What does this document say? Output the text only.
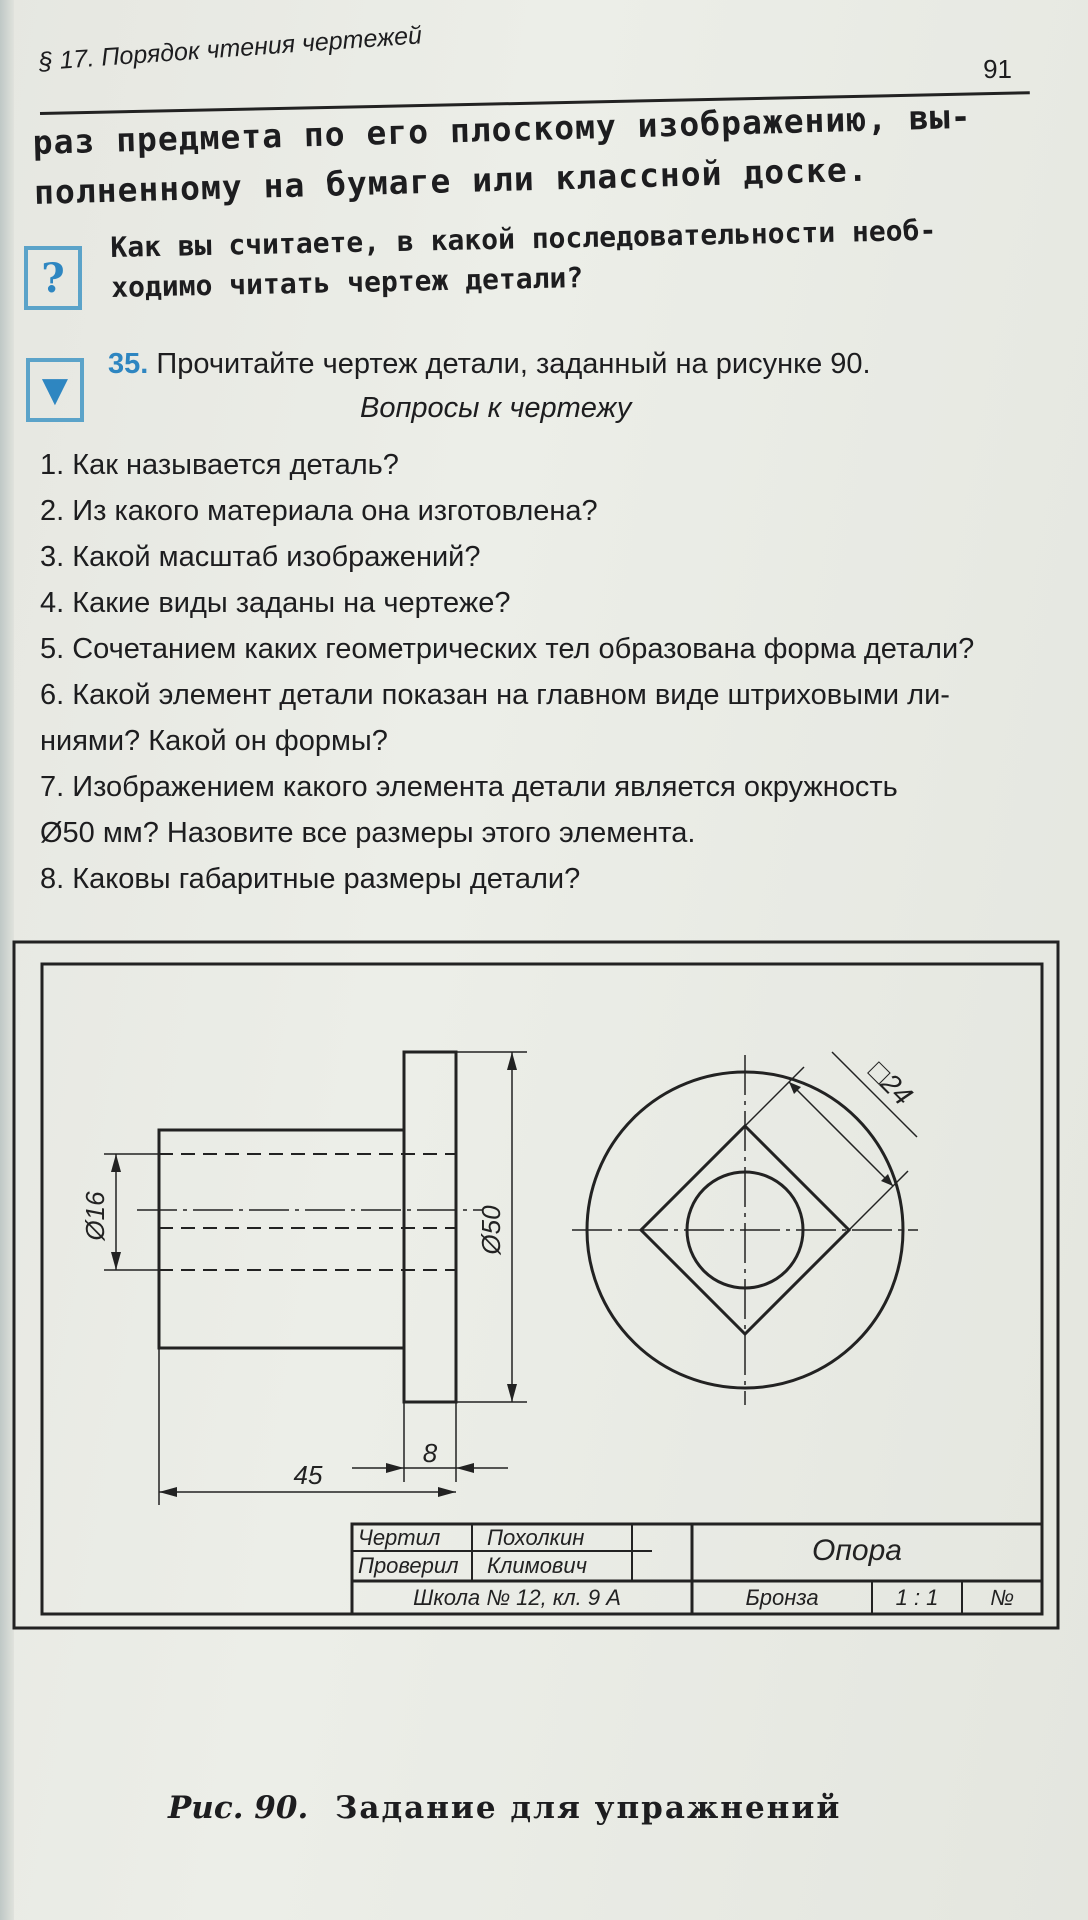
§ 17. Порядок чтения чертежей	91
раз предмета по его плоскому изображению, вы-
полненному на бумаге или классной доске.
?
Как вы считаете, в какой последовательности необ-
ходимо читать чертеж детали?
▼
35. Прочитайте чертеж детали, заданный на рисунке 90.
Вопросы к чертежу

1. Как называется деталь?

2. Из какого материала она изготовлена?

3. Какой масштаб изображений?

4. Какие виды заданы на чертеже?

5. Сочетанием каких геометрических тел образована форма детали?

6. Какой элемент детали показан на главном виде штриховыми ли-

ниями? Какой он формы?

7. Изображением какого элемента детали является окружность

Ø50 мм? Назовите все размеры этого элемента.

8. Каковы габаритные размеры детали?

Ø16	Ø50
8
45
□24
Чертил Похолкин
Проверил Климович
Школа № 12, кл. 9 А
Опора
Бронза	1 : 1 №
Рис. 90. Задание для упражнений
